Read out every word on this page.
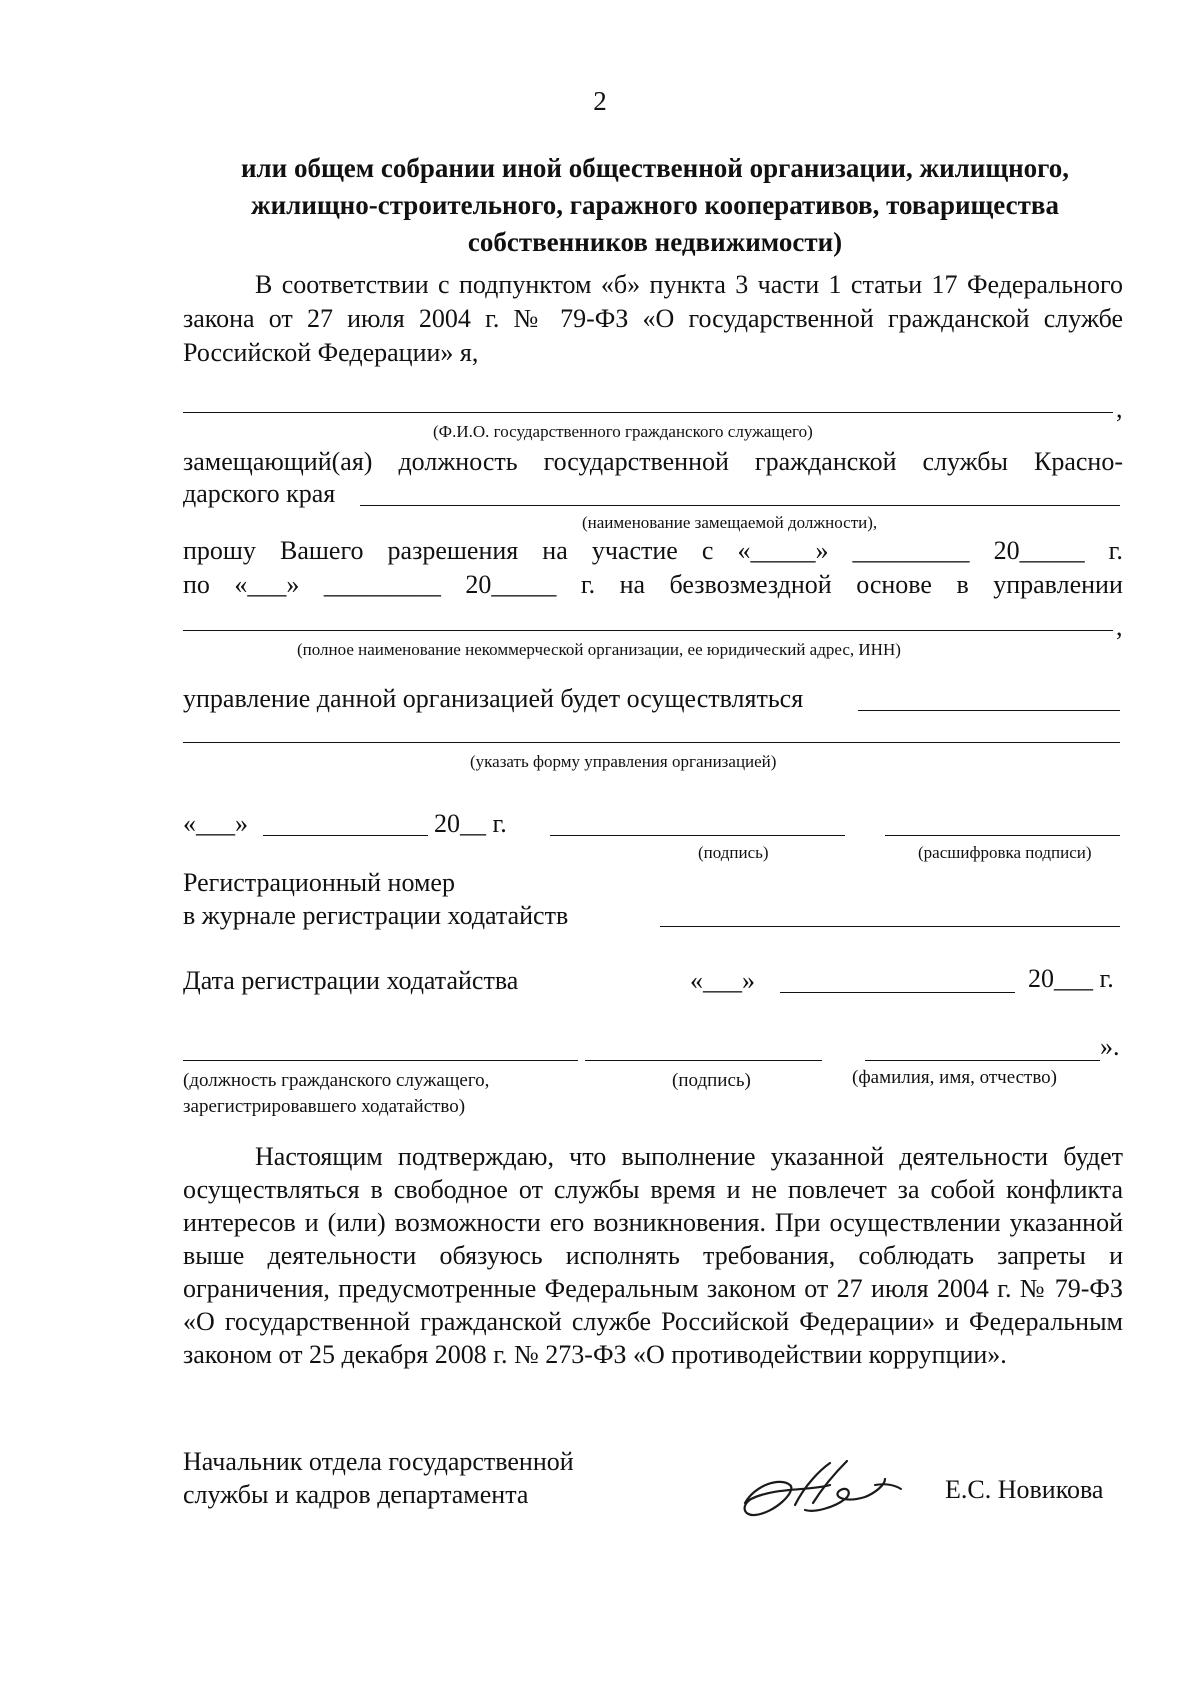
2
или общем собрании иной общественной организации, жилищного, жилищно-строительного, гаражного кооперативов, товарищества собственников недвижимости)
В соответствии с подпунктом «б» пункта 3 части 1 статьи 17 Федерального закона от 27 июля 2004 г. № 79-ФЗ «О государственной гражданской службе Российской Федерации» я,
,
(Ф.И.О. государственного гражданского служащего)
замещающий(ая) должность государственной гражданской службы Красно-
дарского края
(наименование замещаемой должности),
прошу Вашего разрешения на участие с «_____» _________ 20_____ г.
по «___» _________ 20_____ г. на безвозмездной основе в управлении
,
(полное наименование некоммерческой организации, ее юридический адрес, ИНН)
управление данной организацией будет осуществляться
(указать форму управления организацией)
«___»	20__ г.
(подпись)	(расшифровка подписи)
Регистрационный номер
в журнале регистрации ходатайств
Дата регистрации ходатайства	«___»	20___ г.
».
(должность гражданского служащего,
зарегистрировавшего ходатайство)
(подпись)	(фамилия, имя, отчество)
Настоящим подтверждаю, что выполнение указанной деятельности будет осуществляться в свободное от службы время и не повлечет за собой конфликта интересов и (или) возможности его возникновения. При осуществлении указанной выше деятельности обязуюсь исполнять требования, соблюдать запреты и ограничения, предусмотренные Федеральным законом от 27 июля 2004 г. № 79-ФЗ «О государственной гражданской службе Российской Федерации» и Федеральным законом от 25 декабря 2008 г. № 273-ФЗ «О противодействии коррупции».
Начальник отдела государственной
службы и кадров департамента	Е.С. Новикова
